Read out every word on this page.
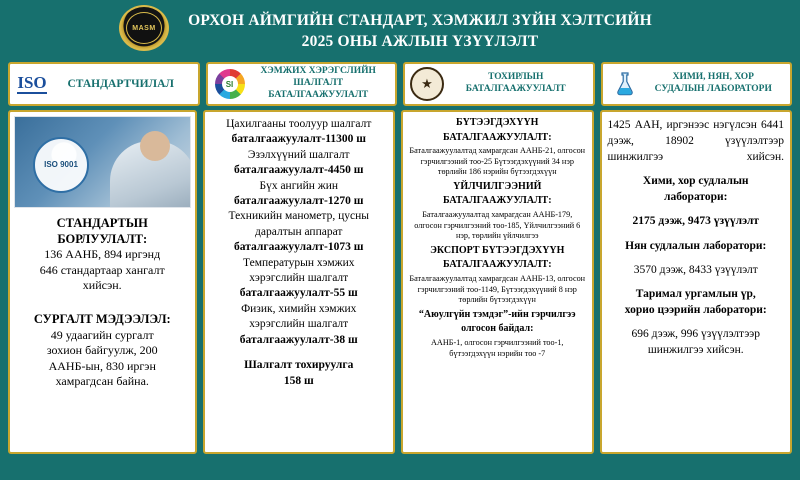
MASM	ОРХОН АЙМГИЙН СТАНДАРТ, ХЭМЖИЛ ЗҮЙН ХЭЛТСИЙН
2025 ОНЫ АЖЛЫН ҮЗҮҮЛЭЛТ
ISO	СТАНДАРТЧИЛАЛ
SI
ХЭМЖИХ ХЭРЭГСЛИЙН
ШАЛГАЛТ БАТАЛГААЖУУЛАЛТ
★	ТОХИРЛЫН
БАТАЛГААЖУУЛАЛТ
ХИМИ, НЯН, ХОР
СУДАЛЫН ЛАБОРАТОРИ
ISO 9001
СТАНДАРТЫН
БОРЛУУЛАЛТ:
136 ААНБ, 894 иргэнд
646 стандартаар хангалт
хийсэн.
СУРГАЛТ МЭДЭЭЛЭЛ:
49 удаагийн сургалт
зохион байгуулж, 200
ААНБ-ын, 830 иргэн
хамрагдсан байна.

Цахилгааны тоолуур шалгалт

баталгаажуулалт-11300 ш

Эзэлхүүний шалгалт

баталгаажуулалт-4450 ш

Бүх ангийн жин

баталгаажуулалт-1270 ш

Техникийн манометр, цусны

даралтын аппарат

баталгаажуулалт-1073 ш

Температурын хэмжих

хэрэгслийн шалгалт

баталгаажуулалт-55 ш

Физик, химийн хэмжих

хэрэгслийн шалгалт

баталгаажуулалт-38 ш

Шалгалт тохируулга

158 ш

БҮТЭЭГДЭХҮҮН

БАТАЛГААЖУУЛАЛТ:

Баталгаажуулалтад хамрагдсан ААНБ-21, олгосон гэрчилгээний тоо-25 Бүтээгдэхүүний 34 нэр төрлийн 186 нэрийн бүтээгдэхүүн

ҮЙЛЧИЛГЭЭНИЙ

БАТАЛГААЖУУЛАЛТ:

Баталгаажуулалтад хамрагдсан ААНБ-179, олгосон гэрчилгээний тоо-185, Үйлчилгээний 6 нэр, төрлийн үйлчилгээ

ЭКСПОРТ БҮТЭЭГДЭХҮҮН

БАТАЛГААЖУУЛАЛТ:

Баталгаажуулалтад хамрагдсан ААНБ-13, олгосон гэрчилгээний тоо-1149, Бүтээгдэхүүний 8 нэр төрлийн бүтээгдэхүүн

“Аюулгүйн тэмдэг”-ийн гэрчилгээ

олгосон байдал:

ААНБ-1, олгосон гэрчилгээний тоо-1, бүтээгдэхүүн нэрийн тоо -7

1425 ААН, иргэнээс нэгүлсэн 6441 дээж, 18902 үзүүлэлтээр шинжилгээ хийсэн.

Хими, хор судлалын

лаборатори:

2175 дээж, 9473 үзүүлэлт

Нян судлалын лаборатори:

3570 дээж, 8433 үзүүлэлт

Таримал ургамлын үр,

хорио цээрийн лаборатори:

696 дээж, 996 үзүүлэлтээр

шинжилгээ хийсэн.
